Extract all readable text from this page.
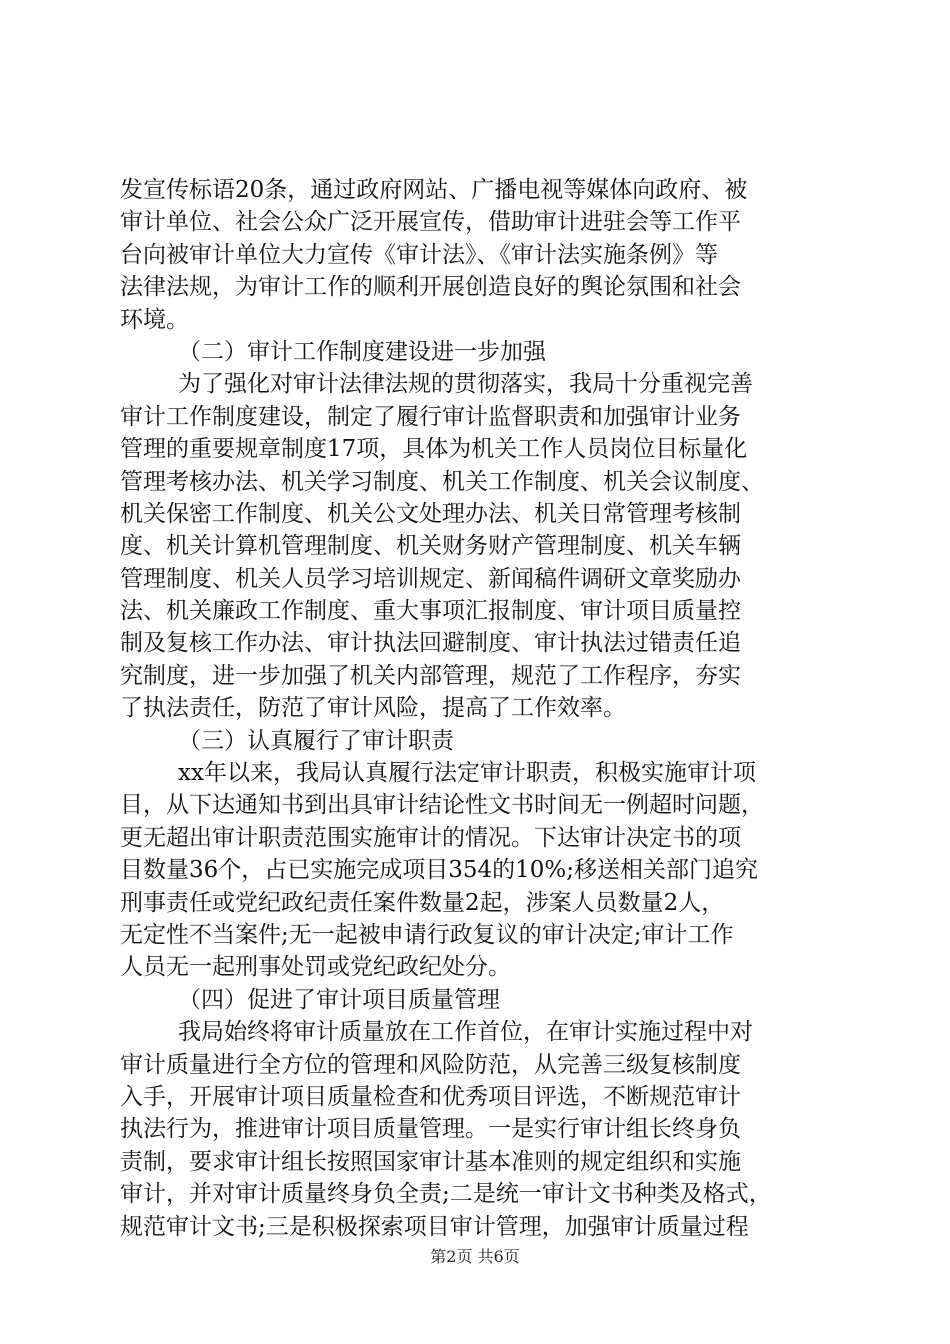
发宣传标语20条，通过政府网站、广播电视等媒体向政府、被
审计单位、社会公众广泛开展宣传，借助审计进驻会等工作平
台向被审计单位大力宣传《审计法》、《审计法实施条例》等
法律法规，为审计工作的顺利开展创造良好的舆论氛围和社会
环境。
（二）审计工作制度建设进一步加强
为了强化对审计法律法规的贯彻落实，我局十分重视完善
审计工作制度建设，制定了履行审计监督职责和加强审计业务
管理的重要规章制度17项，具体为机关工作人员岗位目标量化
管理考核办法、机关学习制度、机关工作制度、机关会议制度、
机关保密工作制度、机关公文处理办法、机关日常管理考核制
度、机关计算机管理制度、机关财务财产管理制度、机关车辆
管理制度、机关人员学习培训规定、新闻稿件调研文章奖励办
法、机关廉政工作制度、重大事项汇报制度、审计项目质量控
制及复核工作办法、审计执法回避制度、审计执法过错责任追
究制度，进一步加强了机关内部管理，规范了工作程序，夯实
了执法责任，防范了审计风险，提高了工作效率。
（三）认真履行了审计职责
xx年以来，我局认真履行法定审计职责，积极实施审计项
目，从下达通知书到出具审计结论性文书时间无一例超时问题，
更无超出审计职责范围实施审计的情况。下达审计决定书的项
目数量36个，占已实施完成项目354的10%;移送相关部门追究
刑事责任或党纪政纪责任案件数量2起，涉案人员数量2人，
无定性不当案件;无一起被申请行政复议的审计决定;审计工作
人员无一起刑事处罚或党纪政纪处分。
（四）促进了审计项目质量管理
我局始终将审计质量放在工作首位，在审计实施过程中对
审计质量进行全方位的管理和风险防范，从完善三级复核制度
入手，开展审计项目质量检查和优秀项目评选，不断规范审计
执法行为，推进审计项目质量管理。一是实行审计组长终身负
责制，要求审计组长按照国家审计基本准则的规定组织和实施
审计，并对审计质量终身负全责;二是统一审计文书种类及格式，
规范审计文书;三是积极探索项目审计管理，加强审计质量过程
第2页 共6页
